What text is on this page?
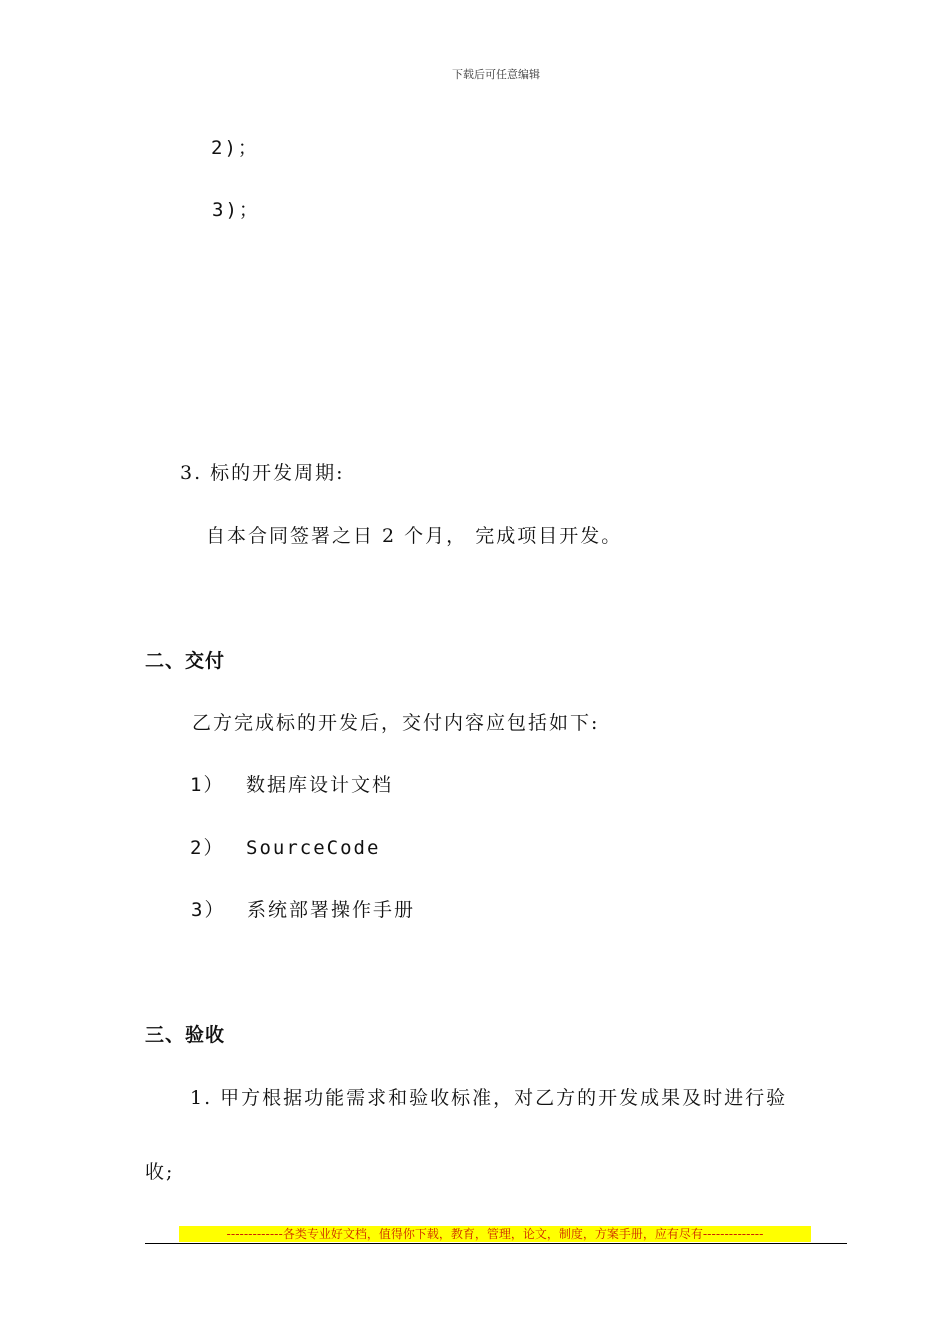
下载后可任意编辑
2)；
3)；
3. 标的开发周期:
自本合同签署之日 2 个月， 完成项目开发。
二、交付
乙方完成标的开发后，交付内容应包括如下:
1） 数据库设计文档
2） SourceCode
3） 系统部署操作手册
三、验收
1. 甲方根据功能需求和验收标准，对乙方的开发成果及时进行验
收;
-------------各类专业好文档，值得你下载，教育，管理，论文，制度，方案手册，应有尽有--------------
